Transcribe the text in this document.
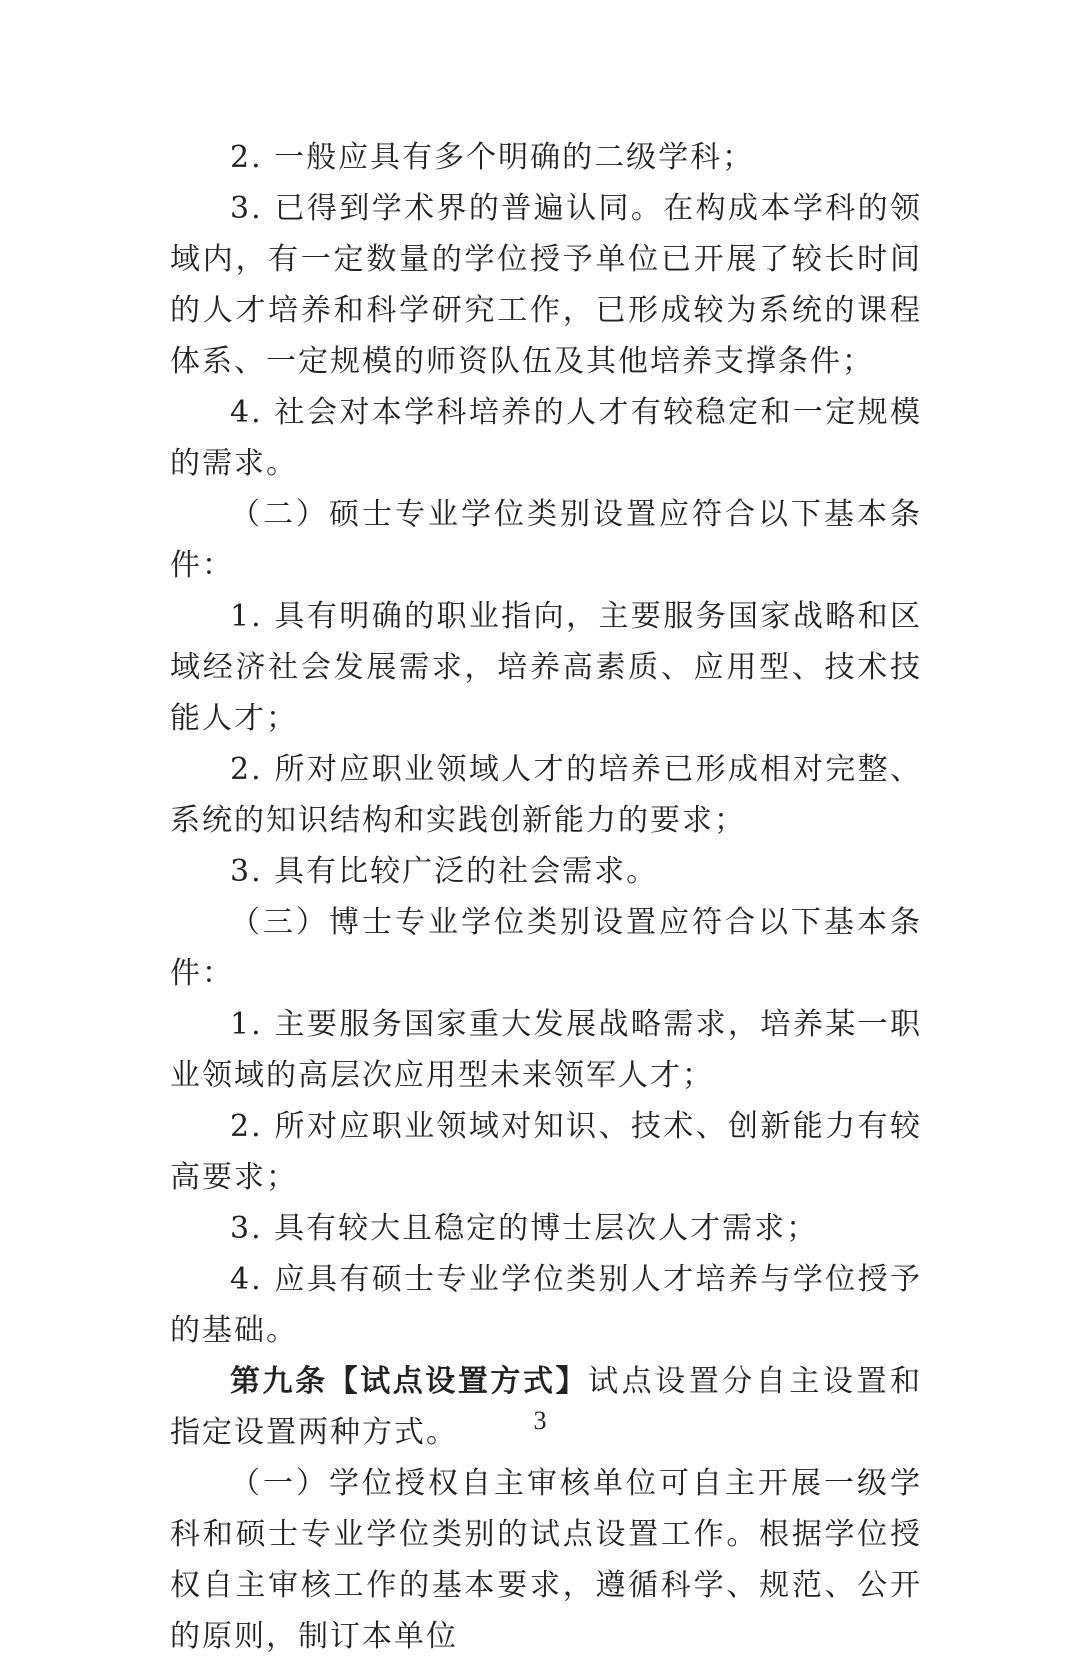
2. 一般应具有多个明确的二级学科；

3. 已得到学术界的普遍认同。在构成本学科的领域内，有一定数量的学位授予单位已开展了较长时间的人才培养和科学研究工作，已形成较为系统的课程体系、一定规模的师资队伍及其他培养支撑条件；

4. 社会对本学科培养的人才有较稳定和一定规模的需求。

（二）硕士专业学位类别设置应符合以下基本条件：

1. 具有明确的职业指向，主要服务国家战略和区域经济社会发展需求，培养高素质、应用型、技术技能人才；

2. 所对应职业领域人才的培养已形成相对完整、系统的知识结构和实践创新能力的要求；

3. 具有比较广泛的社会需求。

（三）博士专业学位类别设置应符合以下基本条件：

1. 主要服务国家重大发展战略需求，培养某一职业领域的高层次应用型未来领军人才；

2. 所对应职业领域对知识、技术、创新能力有较高要求；

3. 具有较大且稳定的博士层次人才需求；

4. 应具有硕士专业学位类别人才培养与学位授予的基础。

第九条【试点设置方式】试点设置分自主设置和指定设置两种方式。

（一）学位授权自主审核单位可自主开展一级学科和硕士专业学位类别的试点设置工作。根据学位授权自主审核工作的基本要求，遵循科学、规范、公开的原则，制订本单位

3
